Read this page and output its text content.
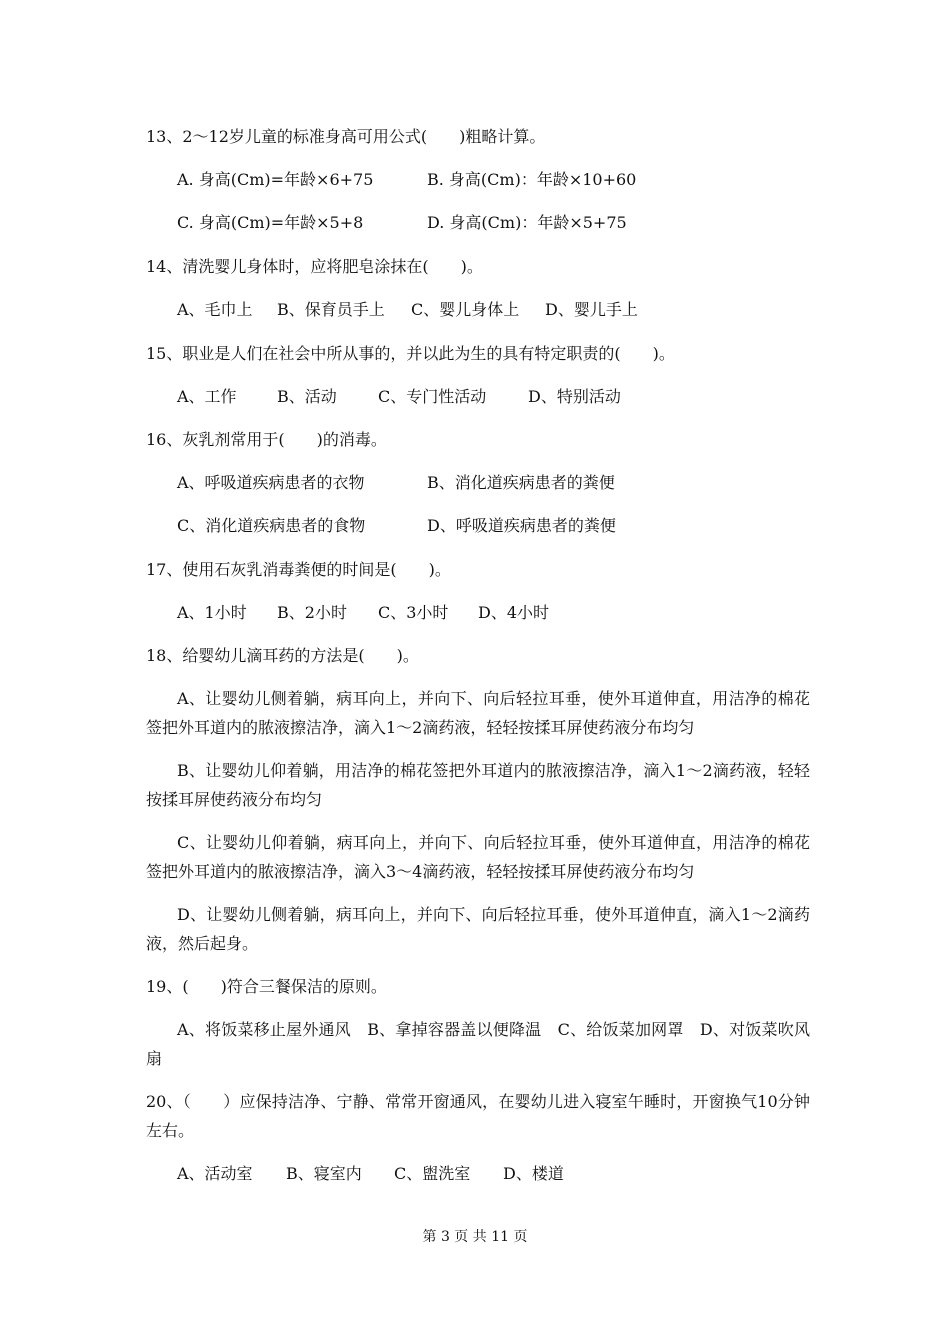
13、2～12岁儿童的标准身高可用公式(　　)粗略计算。
A. 身高(Cm)=年龄×6+75	B. 身高(Cm)：年龄×10+60
C. 身高(Cm)=年龄×5+8	D. 身高(Cm)：年龄×5+75
14、清洗婴儿身体时，应将肥皂涂抹在(　　)。
A、毛巾上 B、保育员手上 C、婴儿身体上 D、婴儿手上
15、职业是人们在社会中所从事的，并以此为生的具有特定职责的(　　)。
A、工作	B、活动	C、专门性活动	D、特别活动
16、灰乳剂常用于(　　)的消毒。
A、呼吸道疾病患者的衣物	B、消化道疾病患者的粪便
C、消化道疾病患者的食物	D、呼吸道疾病患者的粪便
17、使用石灰乳消毒粪便的时间是(　　)。
A、1小时 B、2小时 C、3小时 D、4小时
18、给婴幼儿滴耳药的方法是(　　)。
A、让婴幼儿侧着躺，病耳向上，并向下、向后轻拉耳垂，使外耳道伸直，用洁净的棉花签把外耳道内的脓液擦洁净，滴入1～2滴药液，轻轻按揉耳屏使药液分布均匀
B、让婴幼儿仰着躺，用洁净的棉花签把外耳道内的脓液擦洁净，滴入1～2滴药液，轻轻按揉耳屏使药液分布均匀
C、让婴幼儿仰着躺，病耳向上，并向下、向后轻拉耳垂，使外耳道伸直，用洁净的棉花签把外耳道内的脓液擦洁净，滴入3～4滴药液，轻轻按揉耳屏使药液分布均匀
D、让婴幼儿侧着躺，病耳向上，并向下、向后轻拉耳垂，使外耳道伸直，滴入1～2滴药液，然后起身。
19、(　　)符合三餐保洁的原则。
A、将饭菜移止屋外通风　B、拿掉容器盖以便降温　C、给饭菜加网罩　D、对饭菜吹风扇
20、（　　）应保持洁净、宁静、常常开窗通风，在婴幼儿进入寝室午睡时，开窗换气10分钟左右。
A、活动室 B、寝室内 C、盥洗室 D、楼道
第 3 页 共 11 页
